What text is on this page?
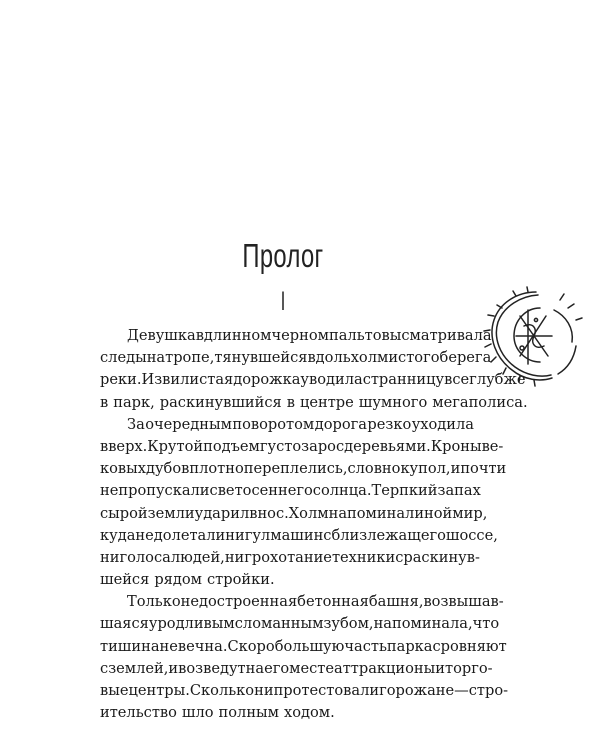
Пролог
I
Девушка в длинном черном пальто высматривала
следы на тропе, тянувшейся вдоль холмистого берега
реки. Извилистая дорожка уводила странницу все глубже
в парк, раскинувшийся в центре шумного мегаполиса.
За очередным поворотом дорога резко уходила
вверх. Крутой подъем густо зарос деревьями. Кроны ве-
ковых дубов плотно переплелись, словно купол, и почти
не пропускали свет осеннего солнца. Терпкий запах
сырой земли ударил в нос. Холм напоминал иной мир,
куда не долетали ни гул машин с близлежащего шоссе,
ни голоса людей, ни грохотание техники с раскинув-
шейся рядом стройки.
Только недостроенная бетонная башня, возвышав-
шаяся уродливым сломанным зубом, напоминала, что
тишина не вечна. Скоро большую часть парка сровняют
с землей, и возведут на его месте аттракционы и торго-
вые центры. Сколько ни протестовали горожане — стро-
ительство шло полным ходом.
